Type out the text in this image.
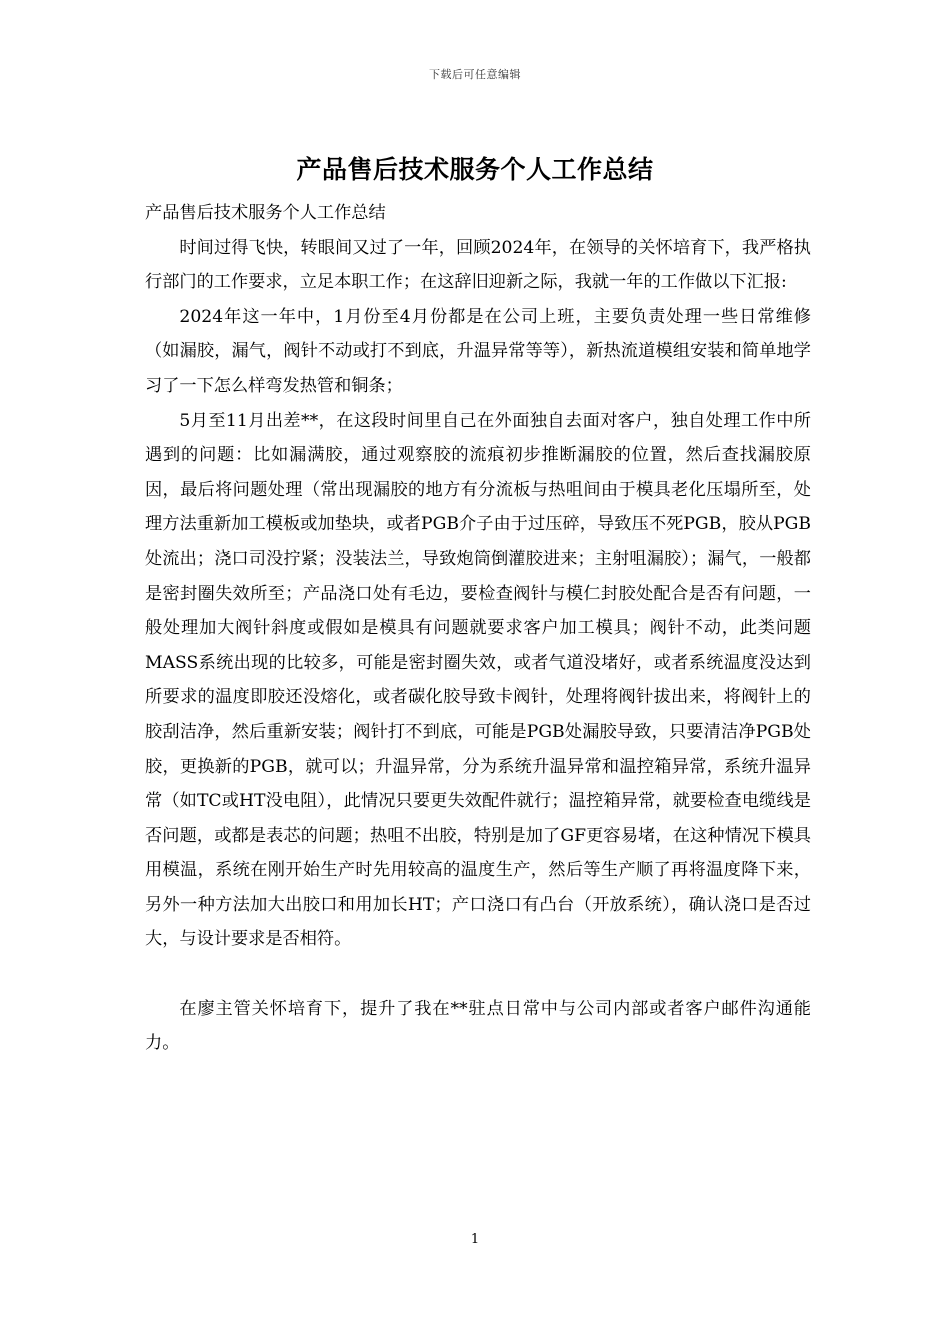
下载后可任意编辑
产品售后技术服务个人工作总结

产品售后技术服务个人工作总结

时间过得飞快，转眼间又过了一年，回顾2024年，在领导的关怀培育下，我严格执行部门的工作要求，立足本职工作；在这辞旧迎新之际，我就一年的工作做以下汇报:

2024年这一年中，1月份至4月份都是在公司上班，主要负责处理一些日常维修（如漏胶，漏气，阀针不动或打不到底，升温异常等等），新热流道模组安装和简单地学习了一下怎么样弯发热管和铜条；

5月至11月出差**，在这段时间里自己在外面独自去面对客户，独自处理工作中所遇到的问题：比如漏满胶，通过观察胶的流痕初步推断漏胶的位置，然后查找漏胶原因，最后将问题处理（常出现漏胶的地方有分流板与热咀间由于模具老化压塌所至，处理方法重新加工模板或加垫块，或者PGB介子由于过压碎，导致压不死PGB，胶从PGB处流出；浇口司没拧紧；没装法兰，导致炮筒倒灌胶进来；主射咀漏胶）；漏气，一般都是密封圈失效所至；产品浇口处有毛边，要检查阀针与模仁封胶处配合是否有问题，一般处理加大阀针斜度或假如是模具有问题就要求客户加工模具；阀针不动，此类问题MASS系统出现的比较多，可能是密封圈失效，或者气道没堵好，或者系统温度没达到所要求的温度即胶还没熔化，或者碳化胶导致卡阀针，处理将阀针拔出来，将阀针上的胶刮洁净，然后重新安装；阀针打不到底，可能是PGB处漏胶导致，只要清洁净PGB处胶，更换新的PGB，就可以；升温异常，分为系统升温异常和温控箱异常，系统升温异常（如TC或HT没电阻），此情况只要更失效配件就行；温控箱异常，就要检查电缆线是否问题，或都是表芯的问题；热咀不出胶，特别是加了GF更容易堵，在这种情况下模具用模温，系统在刚开始生产时先用较高的温度生产，然后等生产顺了再将温度降下来，另外一种方法加大出胶口和用加长HT；产口浇口有凸台（开放系统），确认浇口是否过大，与设计要求是否相符。

在廖主管关怀培育下，提升了我在**驻点日常中与公司内部或者客户邮件沟通能力。

1
